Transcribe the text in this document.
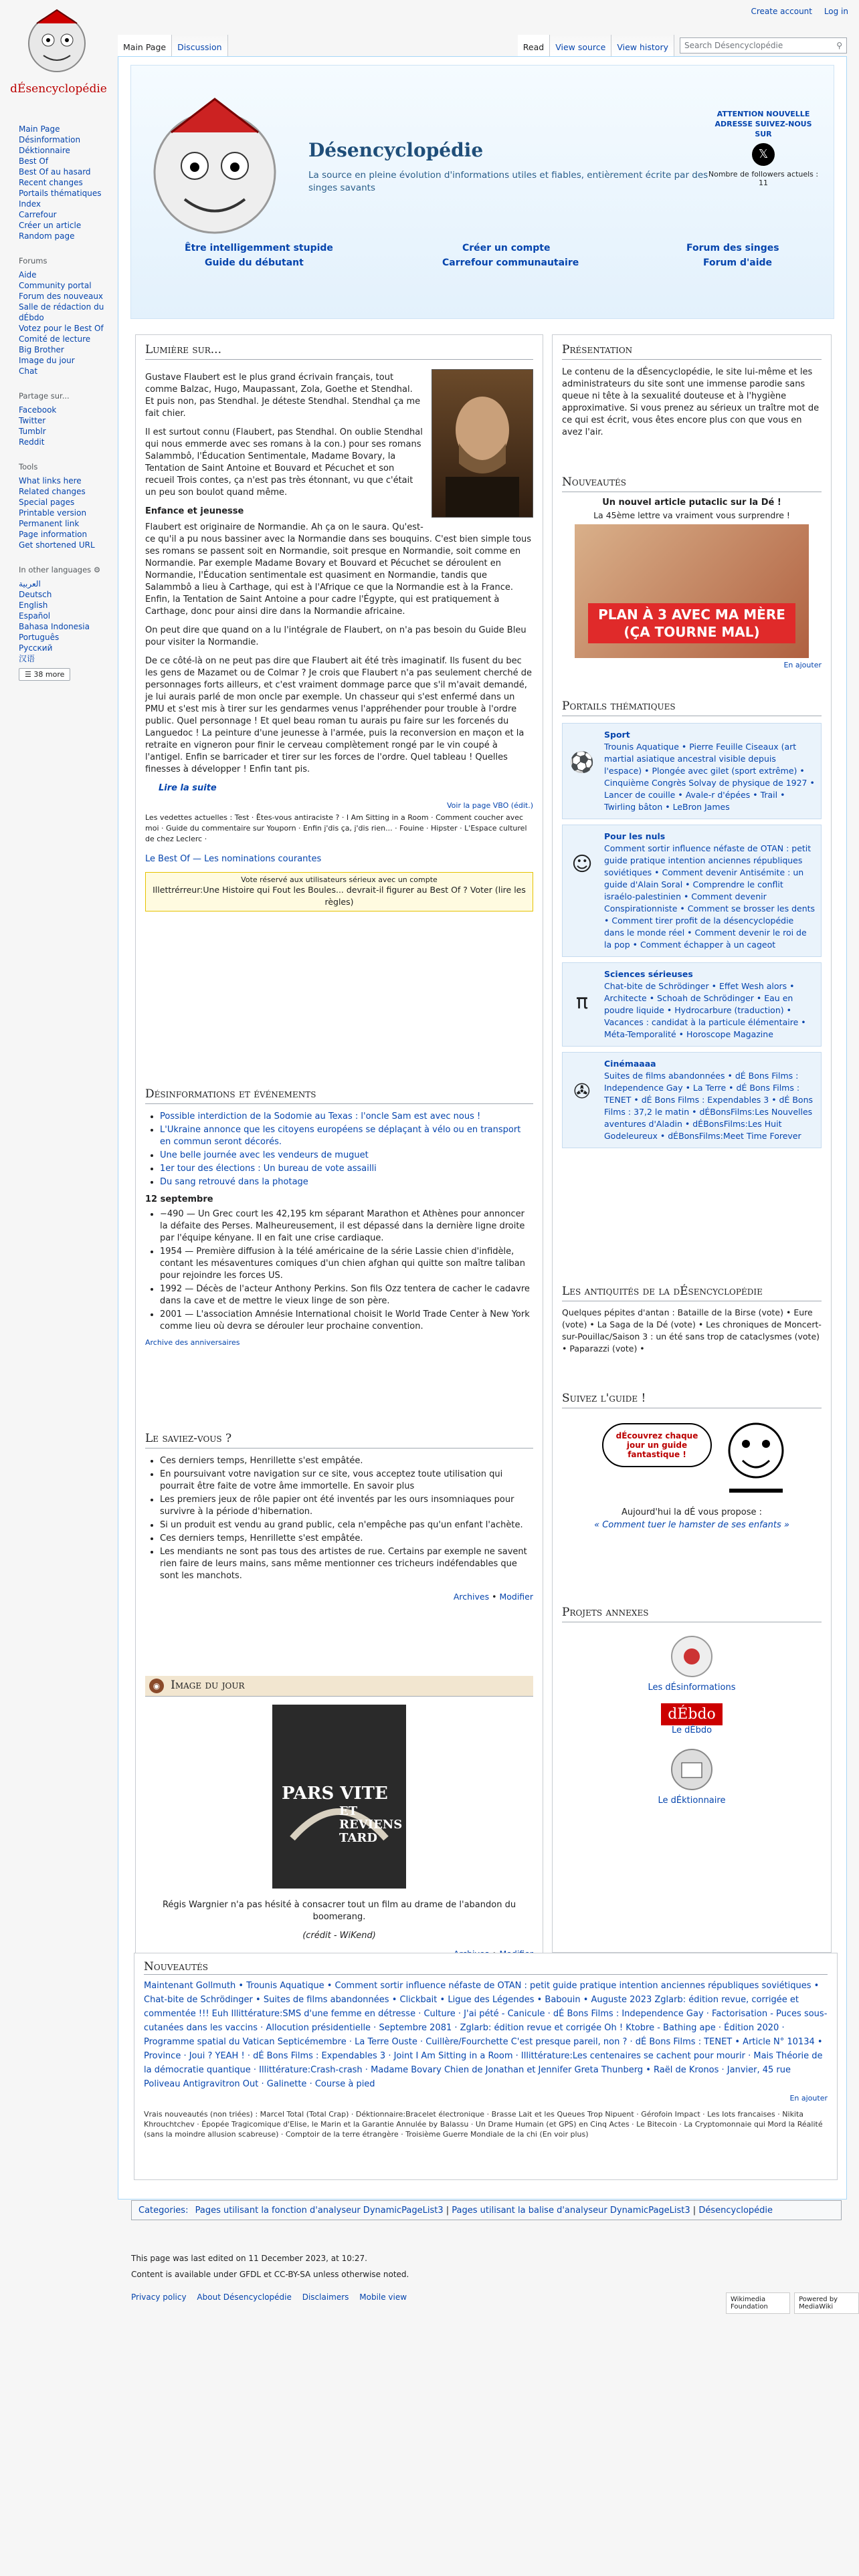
dÉsencyclopédie
Create account Log in
Main Page	Discussion	Read	View source	View history	Search Désencyclopédie	⚲
Main Page
Désinformation
Déktionnaire
Best Of
Best Of au hasard
Recent changes
Portails thématiques
Index
Carrefour
Créer un article
Random page
Forums
Aide
Community portal
Forum des nouveaux
Salle de rédaction du dÉbdo
Votez pour le Best Of
Comité de lecture
Big Brother
Image du jour
Chat
Partage sur...
Facebook
Twitter
Tumblr
Reddit
Tools
What links here
Related changes
Special pages
Printable version
Permanent link
Page information
Get shortened URL
In other languages ⚙
العربية
Deutsch
English
Español
Bahasa Indonesia
Português
Русский
汉语
☰ 38 more
Désencyclopédie
La source en pleine évolution d'informations utiles et fiables, entièrement écrite par des singes savants
ATTENTION NOUVELLE ADRESSE SUIVEZ-NOUS SUR
𝕏
Nombre de followers actuels : 11
Être intelligemment stupide	Créer un compte	Forum des singes
Guide du débutant	Carrefour communautaire	Forum d'aide
Lumière sur...

Gustave Flaubert est le plus grand écrivain français, tout comme Balzac, Hugo, Maupassant, Zola, Goethe et Stendhal. Et puis non, pas Stendhal. Je déteste Stendhal. Stendhal ça me fait chier.

Il est surtout connu (Flaubert, pas Stendhal. On oublie Stendhal qui nous emmerde avec ses romans à la con.) pour ses romans Salammbô, l'Éducation Sentimentale, Madame Bovary, la Tentation de Saint Antoine et Bouvard et Pécuchet et son recueil Trois contes, ça n'est pas très étonnant, vu que c'était un peu son boulot quand même.

Enfance et jeunesse

Flaubert est originaire de Normandie. Ah ça on le saura. Qu'est-ce qu'il a pu nous bassiner avec la Normandie dans ses bouquins. C'est bien simple tous ses romans se passent soit en Normandie, soit presque en Normandie, soit comme en Normandie. Par exemple Madame Bovary et Bouvard et Pécuchet se déroulent en Normandie, l'Éducation sentimentale est quasiment en Normandie, tandis que Salammbô a lieu à Carthage, qui est à l'Afrique ce que la Normandie est à la France. Enfin, la Tentation de Saint Antoine a pour cadre l'Égypte, qui est pratiquement à Carthage, donc pour ainsi dire dans la Normandie africaine.

On peut dire que quand on a lu l'intégrale de Flaubert, on n'a pas besoin du Guide Bleu pour visiter la Normandie.

De ce côté-là on ne peut pas dire que Flaubert ait été très imaginatif. Ils fusent du bec les gens de Mazamet ou de Colmar ? Je crois que Flaubert n'a pas seulement cherché de personnages forts ailleurs, et c'est vraiment dommage parce que s'il m'avait demandé, je lui aurais parlé de mon oncle par exemple. Un chasseur qui s'est enfermé dans un PMU et s'est mis à tirer sur les gendarmes venus l'appréhender pour trouble à l'ordre public. Quel personnage ! Et quel beau roman tu aurais pu faire sur les forcenés du Languedoc ! La peinture d'une jeunesse à l'armée, puis la reconversion en maçon et la retraite en vigneron pour finir le cerveau complètement rongé par le vin coupé à l'antigel. Enfin se barricader et tirer sur les forces de l'ordre. Quel tableau ! Quelles finesses à développer ! Enfin tant pis.

Lire la suite

Voir la page VBO (édit.)
Les vedettes actuelles : Test · Êtes-vous antiraciste ? · I Am Sitting in a Room · Comment coucher avec moi · Guide du commentaire sur Youporn · Enfin j'dis ça, j'dis rien... · Fouine · Hipster · L'Espace culturel de chez Leclerc ·
Le Best Of — Les nominations courantes
Vote réservé aux utilisateurs sérieux avec un compte
Illettrérreur:Une Histoire qui Fout les Boules... devrait-il figurer au Best Of ? Voter (lire les règles)
Désinformations et événements
• Possible interdiction de la Sodomie au Texas : l'oncle Sam est avec nous !
• L'Ukraine annonce que les citoyens européens se déplaçant à vélo ou en transport en commun seront décorés.
• Une belle journée avec les vendeurs de muguet
• 1er tour des élections : Un bureau de vote assailli
• Du sang retrouvé dans la photage

12 septembre

• −490 — Un Grec court les 42,195 km séparant Marathon et Athènes pour annoncer la défaite des Perses. Malheureusement, il est dépassé dans la dernière ligne droite par l'équipe kényane. Il en fait une crise cardiaque.
• 1954 — Première diffusion à la télé américaine de la série Lassie chien d'infidèle, contant les mésaventures comiques d'un chien afghan qui quitte son maître taliban pour rejoindre les forces US.
• 1992 — Décès de l'acteur Anthony Perkins. Son fils Ozz tentera de cacher le cadavre dans la cave et de mettre le vieux linge de son père.
• 2001 — L'association Amnésie International choisit le World Trade Center à New York comme lieu où devra se dérouler leur prochaine convention.
Archive des anniversaires
Le saviez-vous ?
• Ces derniers temps, Henrillette s'est empâtée.
• En poursuivant votre navigation sur ce site, vous acceptez toute utilisation qui pourrait être faite de votre âme immortelle. En savoir plus
• Les premiers jeux de rôle papier ont été inventés par les ours insomniaques pour survivre à la période d'hibernation.
• Si un produit est vendu au grand public, cela n'empêche pas qu'un enfant l'achète.
• Ces derniers temps, Henrillette s'est empâtée.
• Les mendiants ne sont pas tous des artistes de rue. Certains par exemple ne savent rien faire de leurs mains, sans même mentionner ces tricheurs indéfendables que sont les manchots.
Archives • Modifier
◉ Image du jour
PARS VITE
ET REVIENS TARD

Régis Wargnier n'a pas hésité à consacrer tout un film au drame de l'abandon du boomerang.

(crédit - WiKend)

Présentation

Le contenu de la dÉsencyclopédie, le site lui-même et les administrateurs du site sont une immense parodie sans queue ni tête à la sexualité douteuse et à l'hygiène approximative. Si vous prenez au sérieux un traître mot de ce qui est écrit, vous êtes encore plus con que vous en avez l'air.

Nouveautés
Un nouvel article putaclic sur la Dé !
La 45ème lettre va vraiment vous surprendre !
PLAN À 3 AVEC MA MÈRE (ÇA TOURNE MAL)
En ajouter
Portails thématiques
⚽
Sport
Trounis Aquatique • Pierre Feuille Ciseaux (art martial asiatique ancestral visible depuis l'espace) • Plongée avec gilet (sport extrême) • Cinquième Congrès Solvay de physique de 1927 • Lancer de couille • Avale-r d'épées • Trail • Twirling bâton • LeBron James
☺
Pour les nuls
Comment sortir influence néfaste de OTAN : petit guide pratique intention anciennes républiques soviétiques • Comment devenir Antisémite : un guide d'Alain Soral • Comprendre le conflit israélo-palestinien • Comment devenir Conspirationniste • Comment se brosser les dents • Comment tirer profit de la désencyclopédie dans le monde réel • Comment devenir le roi de la pop • Comment échapper à un cageot
π
Sciences sérieuses
Chat-bite de Schrödinger • Effet Wesh alors • Architecte • Schoah de Schrödinger • Eau en poudre liquide • Hydrocarbure (traduction) • Vacances : candidat à la particule élémentaire • Méta-Temporalité • Horoscope Magazine
✇
Cinémaaaa
Suites de films abandonnées • dÉ Bons Films : Independence Gay • La Terre • dÉ Bons Films : TENET • dÉ Bons Films : Expendables 3 • dÉ Bons Films : 37,2 le matin • dÉBonsFilms:Les Nouvelles aventures d'Aladin • dÉBonsFilms:Les Huit Godeleureux • dÉBonsFilms:Meet Time Forever
Les antiquités de la dÉsencyclopédie

Quelques pépites d'antan : Bataille de la Birse (vote) • Eure (vote) • La Saga de la Dé (vote) • Les chroniques de Moncert-sur-Pouillac/Saison 3 : un été sans trop de cataclysmes (vote) • Paparazzi (vote) •

Suivez l'guide !
dÉcouvrez chaque jour un guide fantastique !
Aujourd'hui la dÉ vous propose :
« Comment tuer le hamster de ses enfants »
Projets annexes
Les dÉsinformations
dÉbdo
Le dÉbdo
Le dÉktionnaire
Nouveautés
Maintenant Gollmuth • Trounis Aquatique • Comment sortir influence néfaste de OTAN : petit guide pratique intention anciennes républiques soviétiques • Chat-bite de Schrödinger • Suites de films abandonnées • Clickbait • Ligue des Légendes • Babouin • Auguste 2023 Zglarb: édition revue, corrigée et commentée !!! Euh Illittérature:SMS d'une femme en détresse · Culture · J'ai pété - Canicule · dÉ Bons Films : Independence Gay · Factorisation - Puces sous-cutanées dans les vaccins · Allocution présidentielle · Septembre 2081 · Zglarb: édition revue et corrigée Oh ! Ktobre - Bathing ape · Édition 2020 · Programme spatial du Vatican Septicémembre · La Terre Ouste · Cuillère/Fourchette C'est presque pareil, non ? · dÉ Bons Films : TENET • Article N° 10134 • Province · Joui ? YEAH ! · dÉ Bons Films : Expendables 3 · Joint I Am Sitting in a Room · Illittérature:Les centenaires se cachent pour mourir · Mais Théorie de la démocratie quantique · Illittérature:Crash-crash · Madame Bovary Chien de Jonathan et Jennifer Greta Thunberg • Raël de Kronos · Janvier, 45 rue Poliveau Antigravitron Out · Galinette · Course à pied
En ajouter
Vrais nouveautés (non triées) : Marcel Total (Total Crap) · Déktionnaire:Bracelet électronique · Brasse Lait et les Queues Trop Nipuent · Gérofoin Impact · Les Iots francaises · Nikita Khrouchtchev · Épopée Tragicomique d'Elise, le Marin et la Garantie Annulée by Balassu · Un Drame Humain (et GPS) en Cinq Actes · Le Bitecoin · La Cryptomonnaie qui Mord la Réalité (sans la moindre allusion scabreuse) · Comptoir de la terre étrangère · Troisième Guerre Mondiale de la chi (En voir plus)
Categories: Pages utilisant la fonction d'analyseur DynamicPageList3 | Pages utilisant la balise d'analyseur DynamicPageList3 | Désencyclopédie
This page was last edited on 11 December 2023, at 10:27.
Content is available under GFDL et CC-BY-SA unless otherwise noted.
Privacy policy About Désencyclopédie Disclaimers Mobile view	Wikimedia Foundation
Powered by MediaWiki
